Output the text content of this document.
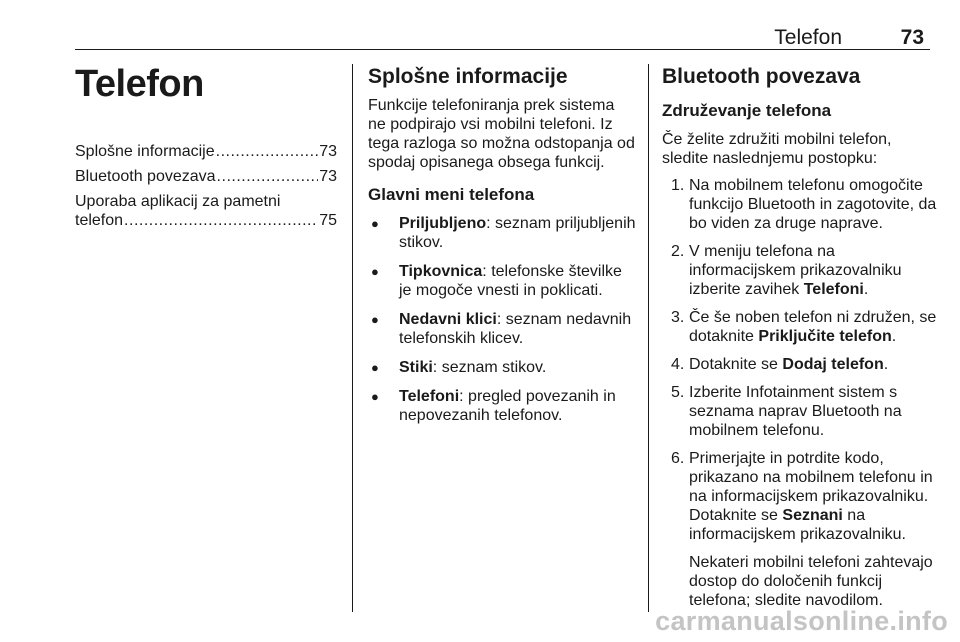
Telefon	73
Telefon
Splošne informacije .....	73
Bluetooth povezava .....	73
Uporaba aplikacij za pametni
telefon .....	75
Splošne informacije
Funkcije telefoniranja prek sistema ne podpirajo vsi mobilni telefoni. Iz tega razloga so možna odstopanja od spodaj opisanega obsega funkcij.
Glavni meni telefona
● Priljubljeno: seznam priljubljenih stikov.
● Tipkovnica: telefonske številke je mogoče vnesti in poklicati.
● Nedavni klici: seznam nedavnih telefonskih klicev.
● Stiki: seznam stikov.
● Telefoni: pregled povezanih in nepovezanih telefonov.
Bluetooth povezava
Združevanje telefona
Če želite združiti mobilni telefon, sledite naslednjemu postopku:
1. Na mobilnem telefonu omogočite funkcijo Bluetooth in zagotovite, da bo viden za druge naprave.
2. V meniju telefona na informacijskem prikazovalniku izberite zavihek Telefoni.
3. Če še noben telefon ni združen, se dotaknite Priključite telefon.
4. Dotaknite se Dodaj telefon.
5. Izberite Infotainment sistem s seznama naprav Bluetooth na mobilnem telefonu.
6. Primerjajte in potrdite kodo, prikazano na mobilnem telefonu in na informacijskem prikazovalniku. Dotaknite se Seznani na informacijskem prikazovalniku.
Nekateri mobilni telefoni zahtevajo dostop do določenih funkcij telefona; sledite navodilom.
carmanualsonline.info
